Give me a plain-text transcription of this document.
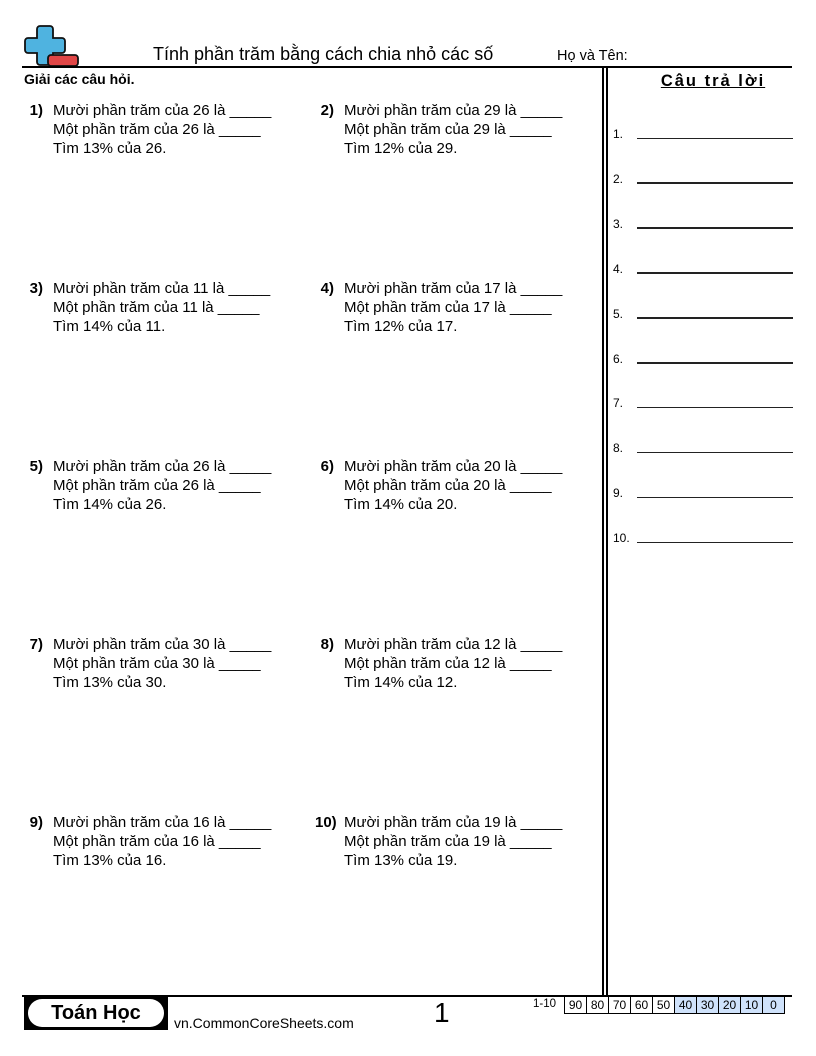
Tính phần trăm bằng cách chia nhỏ các số	Họ và Tên:
Giải các câu hỏi.
1) Mười phần trăm của 26 là _____
Một phần trăm của 26 là _____
Tìm 13% của 26.
2) Mười phần trăm của 29 là _____
Một phần trăm của 29 là _____
Tìm 12% của 29.
3) Mười phần trăm của 11 là _____
Một phần trăm của 11 là _____
Tìm 14% của 11.
4) Mười phần trăm của 17 là _____
Một phần trăm của 17 là _____
Tìm 12% của 17.
5) Mười phần trăm của 26 là _____
Một phần trăm của 26 là _____
Tìm 14% của 26.
6) Mười phần trăm của 20 là _____
Một phần trăm của 20 là _____
Tìm 14% của 20.
7) Mười phần trăm của 30 là _____
Một phần trăm của 30 là _____
Tìm 13% của 30.
8) Mười phần trăm của 12 là _____
Một phần trăm của 12 là _____
Tìm 14% của 12.
9) Mười phần trăm của 16 là _____
Một phần trăm của 16 là _____
Tìm 13% của 16.
10) Mười phần trăm của 19 là _____
Một phần trăm của 19 là _____
Tìm 13% của 19.
Câu trả lời
1.
2.
3.
4.
5.
6.
7.
8.
9.
10.
Toán Học	vn.CommonCoreSheets.com	1	1-10 90	80	70	60	50	40	30	20	10	0
